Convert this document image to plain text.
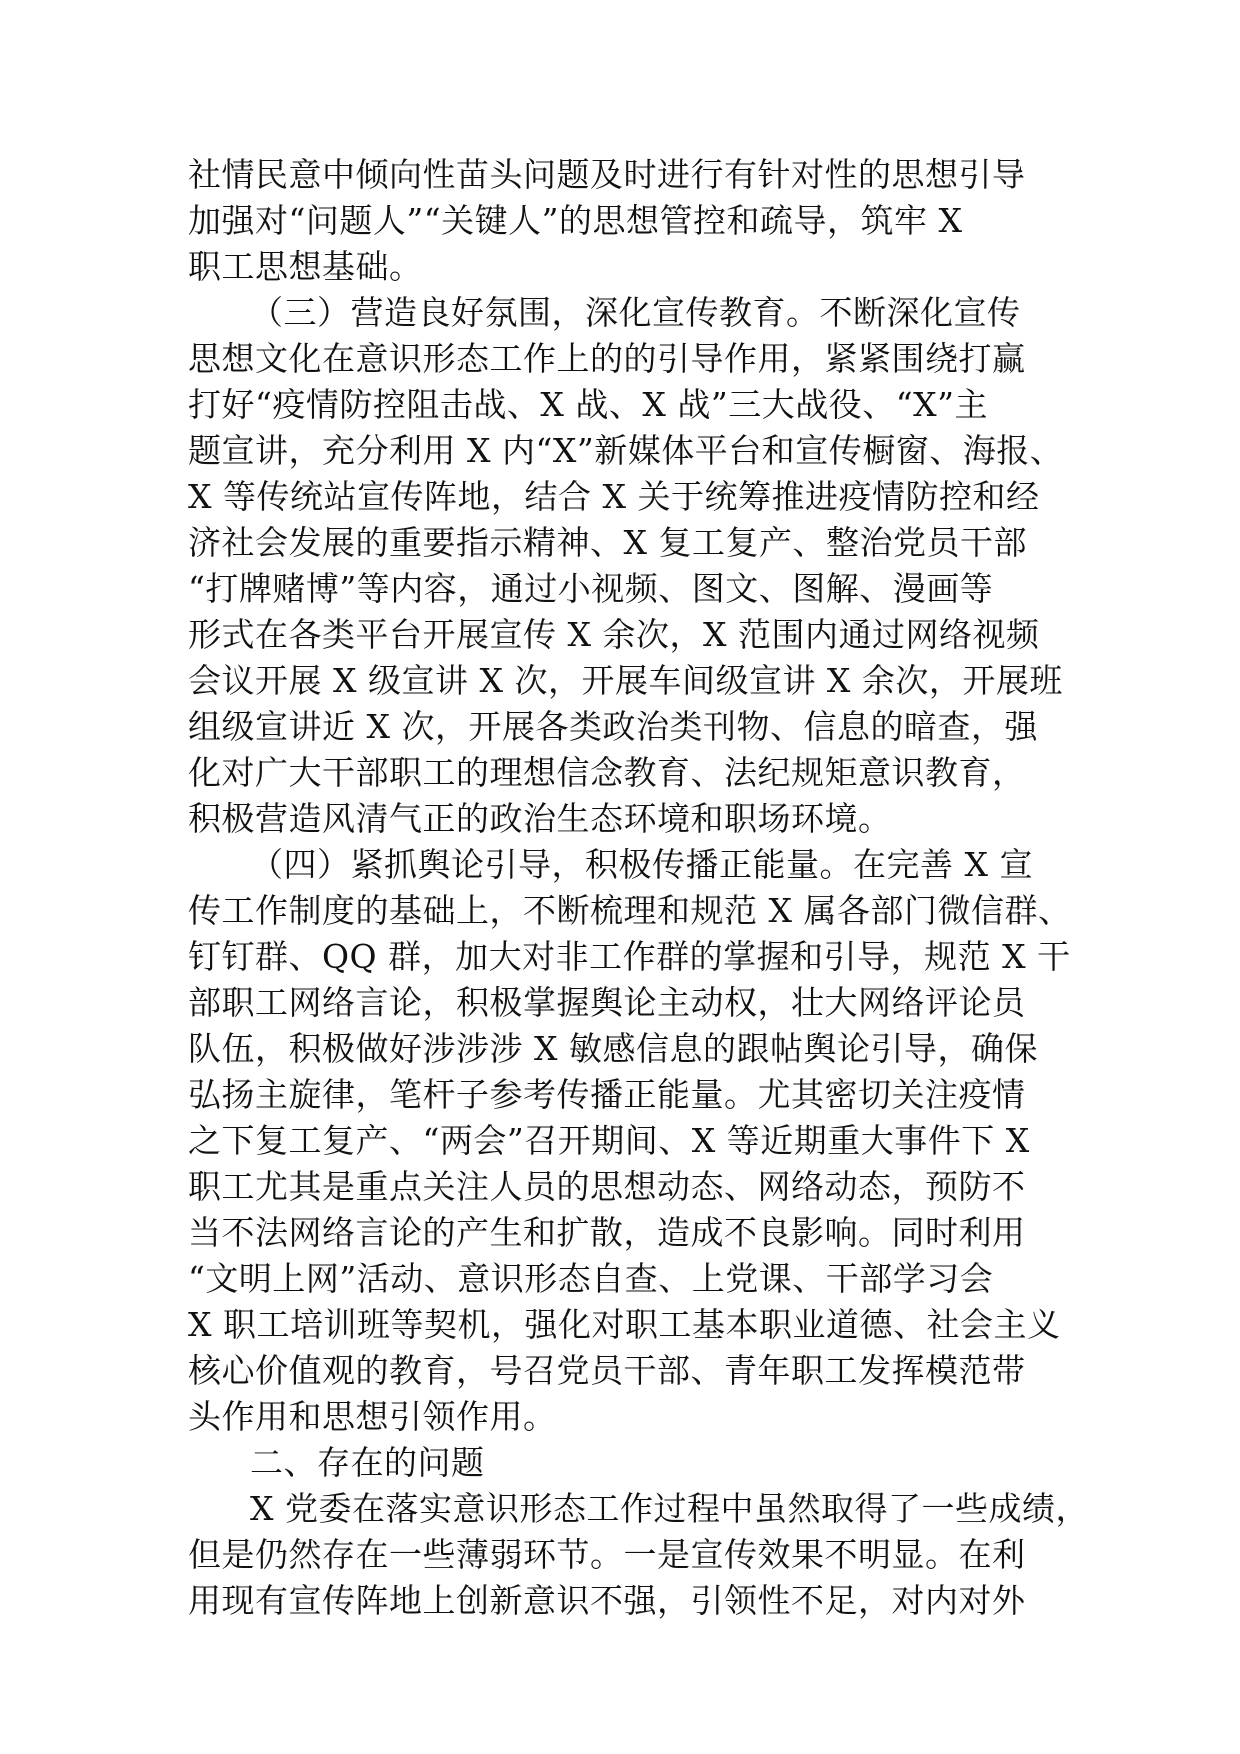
社情民意中倾向性苗头问题及时进行有针对性的思想引导
加强对“问题人”“关键人”的思想管控和疏导，筑牢 X
职工思想基础。
（三）营造良好氛围，深化宣传教育。不断深化宣传
思想文化在意识形态工作上的的引导作用，紧紧围绕打赢
打好“疫情防控阻击战、X 战、X 战”三大战役、“X”主
题宣讲，充分利用 X 内“X”新媒体平台和宣传橱窗、海报、
X 等传统站宣传阵地，结合 X 关于统筹推进疫情防控和经
济社会发展的重要指示精神、X 复工复产、整治党员干部
“打牌赌博”等内容，通过小视频、图文、图解、漫画等
形式在各类平台开展宣传 X 余次，X 范围内通过网络视频
会议开展 X 级宣讲 X 次，开展车间级宣讲 X 余次，开展班
组级宣讲近 X 次，开展各类政治类刊物、信息的暗查，强
化对广大干部职工的理想信念教育、法纪规矩意识教育，
积极营造风清气正的政治生态环境和职场环境。
（四）紧抓舆论引导，积极传播正能量。在完善 X 宣
传工作制度的基础上，不断梳理和规范 X 属各部门微信群、
钉钉群、QQ 群，加大对非工作群的掌握和引导，规范 X 干
部职工网络言论，积极掌握舆论主动权，壮大网络评论员
队伍，积极做好涉涉涉 X 敏感信息的跟帖舆论引导，确保
弘扬主旋律，笔杆子参考传播正能量。尤其密切关注疫情
之下复工复产、“两会”召开期间、X 等近期重大事件下 X
职工尤其是重点关注人员的思想动态、网络动态，预防不
当不法网络言论的产生和扩散，造成不良影响。同时利用
“文明上网”活动、意识形态自查、上党课、干部学习会
X 职工培训班等契机，强化对职工基本职业道德、社会主义
核心价值观的教育，号召党员干部、青年职工发挥模范带
头作用和思想引领作用。
二、存在的问题
X 党委在落实意识形态工作过程中虽然取得了一些成绩，
但是仍然存在一些薄弱环节。一是宣传效果不明显。在利
用现有宣传阵地上创新意识不强，引领性不足，对内对外
